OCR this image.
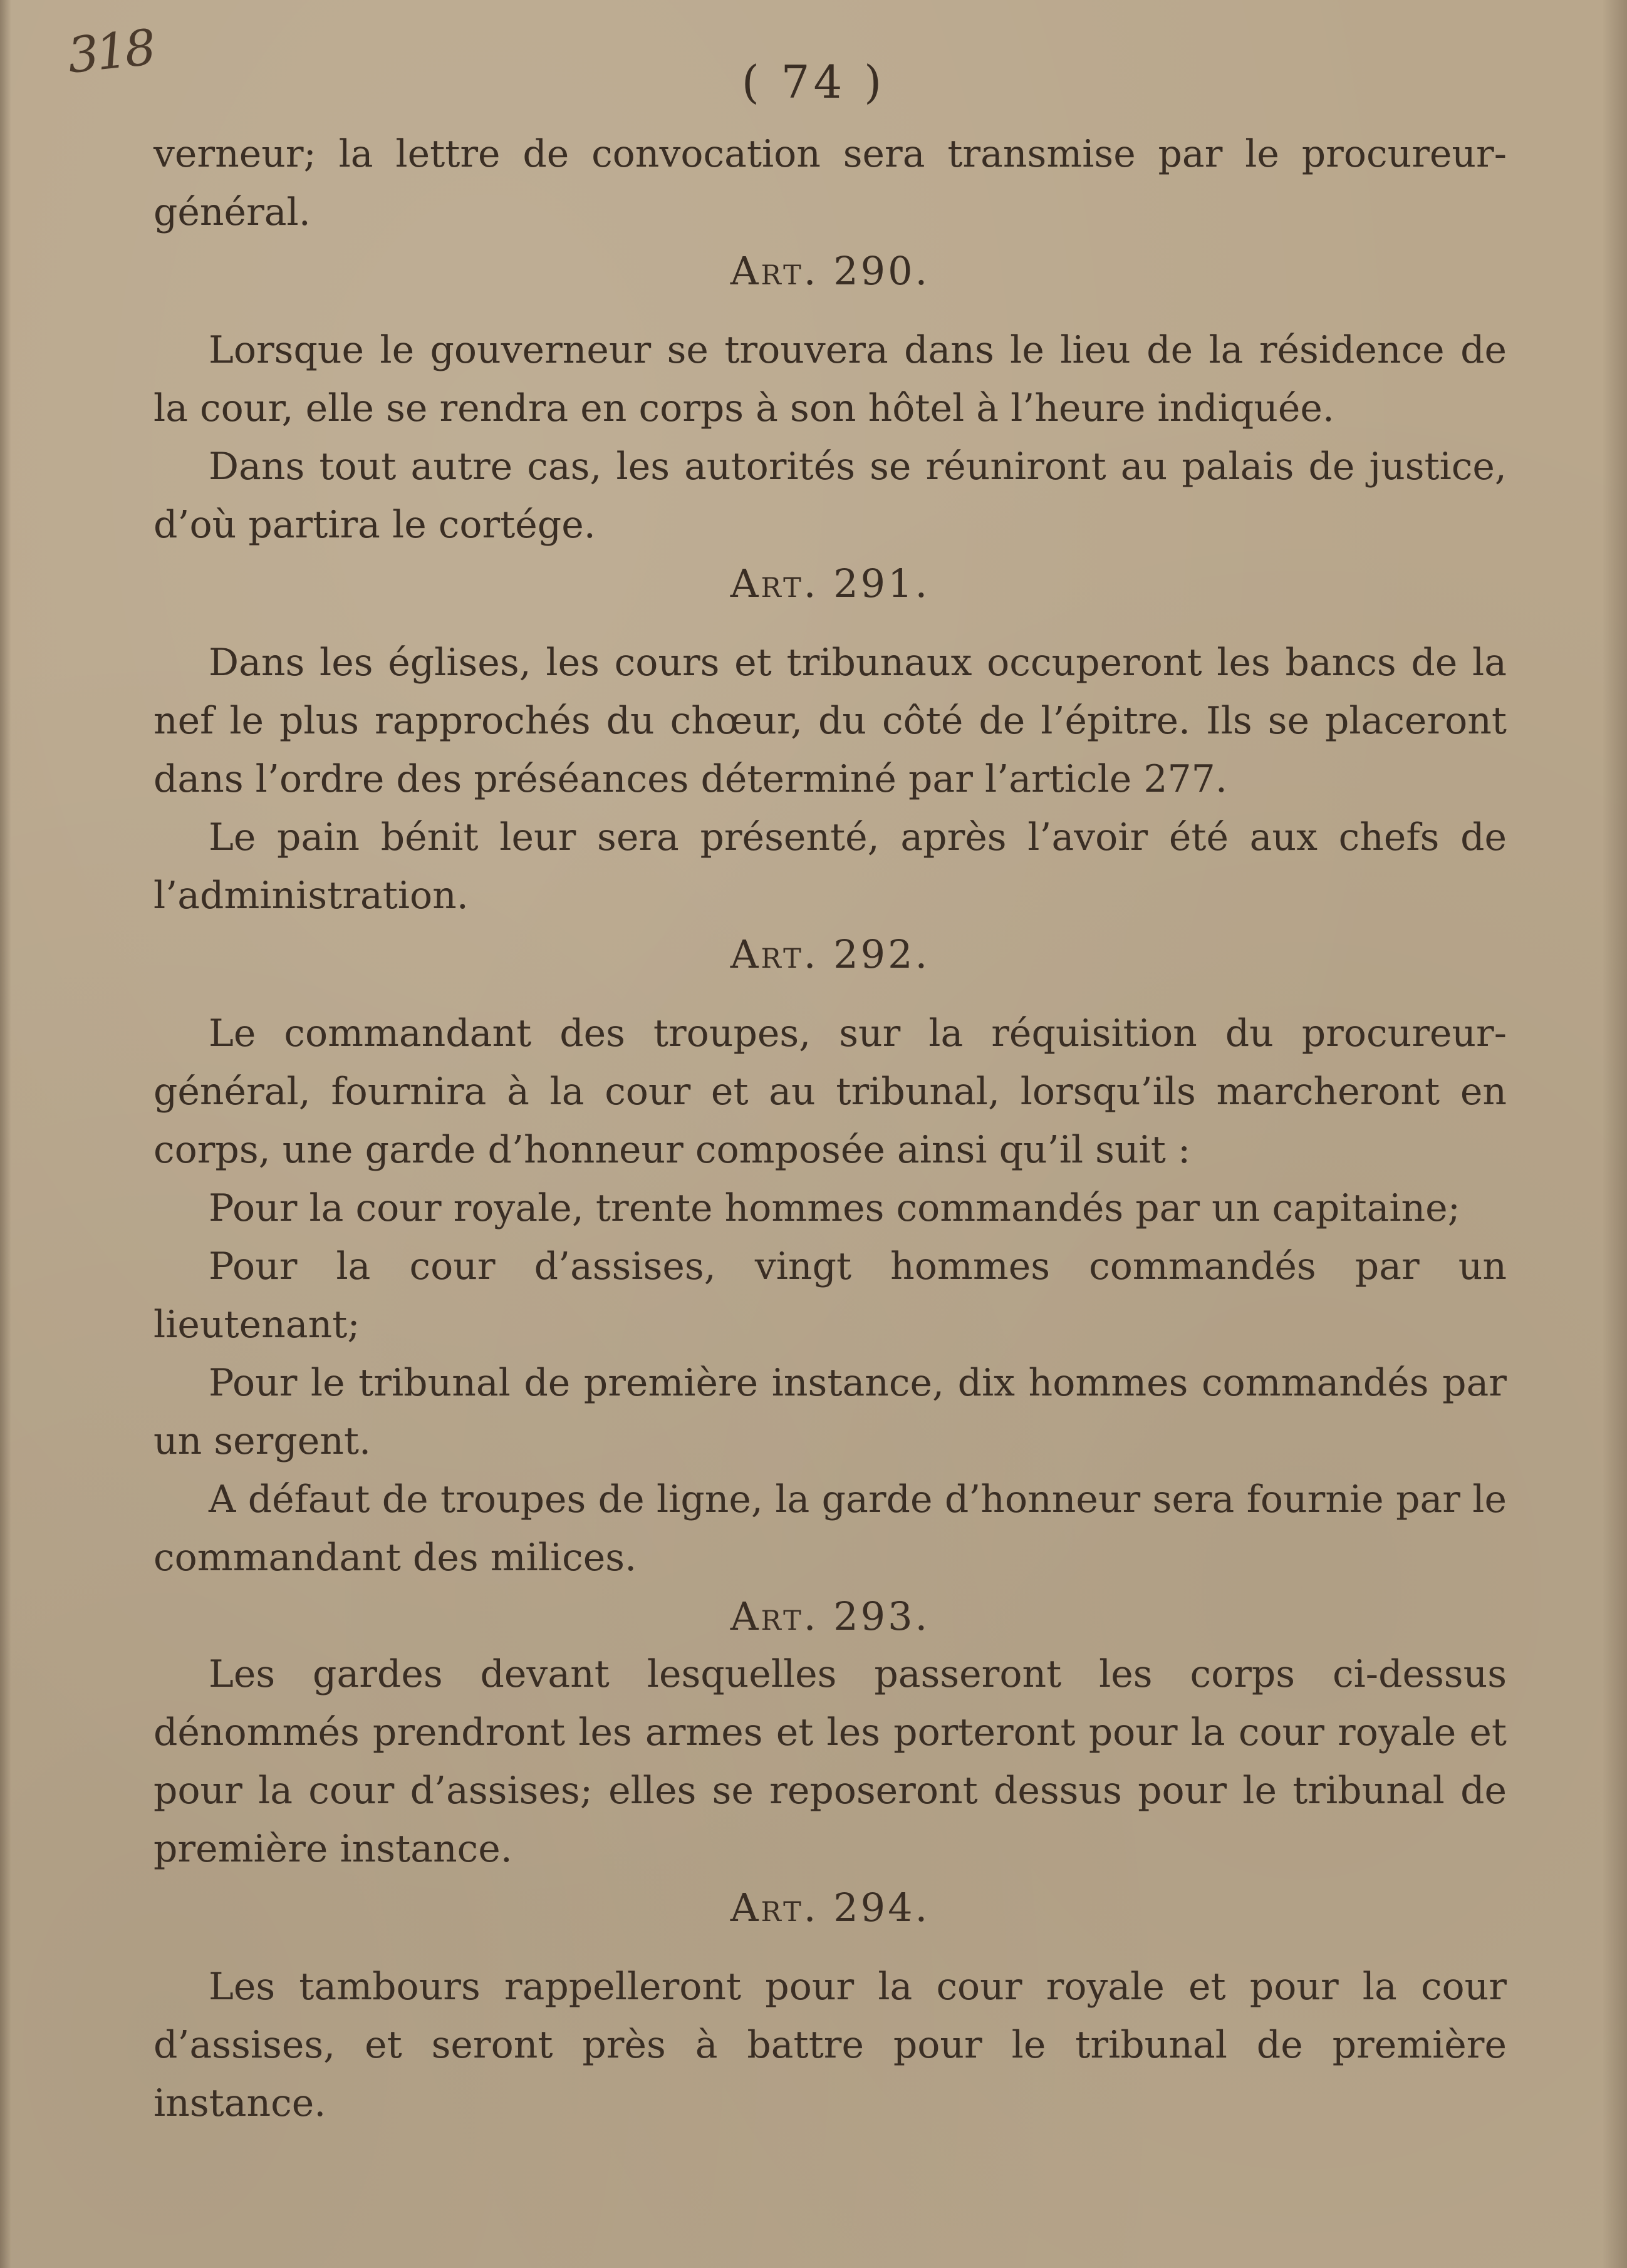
318	( 74 )

verneur; la lettre de convocation sera transmise par le procureur-général.

Art. 290.

Lorsque le gouverneur se trouvera dans le lieu de la résidence de la cour, elle se rendra en corps à son hôtel à l’heure indiquée.

Dans tout autre cas, les autorités se réuniront au palais de justice, d’où partira le cortége.

Art. 291.

Dans les églises, les cours et tribunaux occuperont les bancs de la nef le plus rapprochés du chœur, du côté de l’épitre. Ils se placeront dans l’ordre des préséances déterminé par l’article 277.

Le pain bénit leur sera présenté, après l’avoir été aux chefs de l’administration.

Art. 292.

Le commandant des troupes, sur la réquisition du procureur-général, fournira à la cour et au tribunal, lorsqu’ils marcheront en corps, une garde d’honneur composée ainsi qu’il suit :

Pour la cour royale, trente hommes commandés par un capitaine;

Pour la cour d’assises, vingt hommes commandés par un lieutenant;

Pour le tribunal de première instance, dix hommes commandés par un sergent.

A défaut de troupes de ligne, la garde d’honneur sera fournie par le commandant des milices.

Art. 293.

Les gardes devant lesquelles passeront les corps ci-dessus dénommés prendront les armes et les porteront pour la cour royale et pour la cour d’assises; elles se reposeront dessus pour le tribunal de première instance.

Art. 294.

Les tambours rappelleront pour la cour royale et pour la cour d’assises, et seront près à battre pour le tribunal de première instance.
